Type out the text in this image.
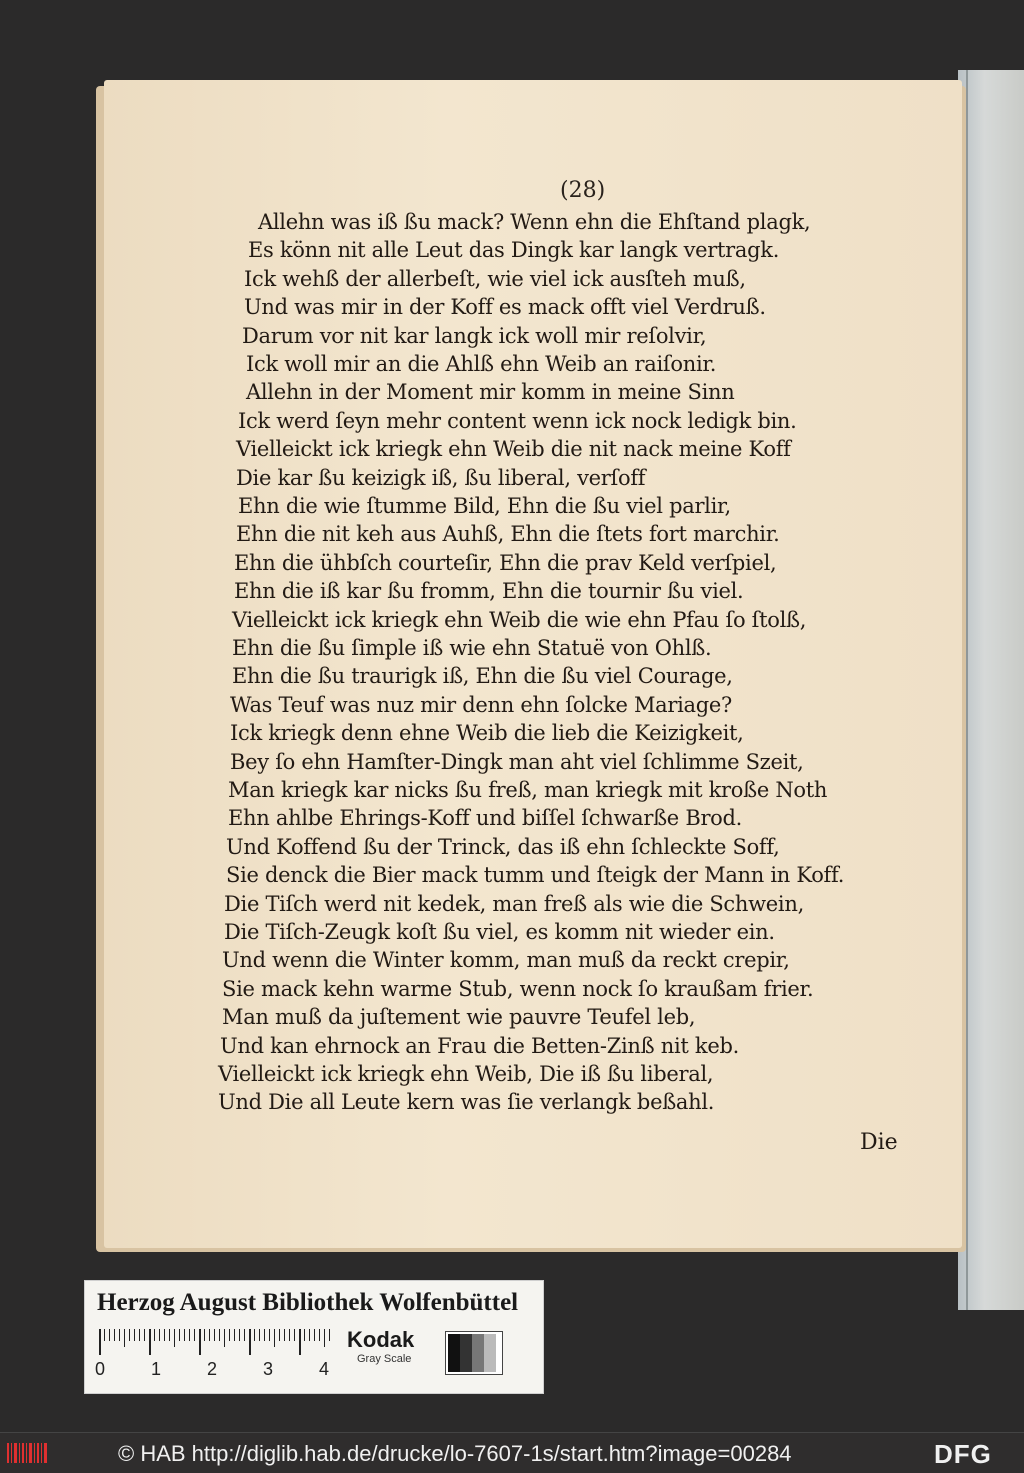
(28)
Allehn was iß ßu mack? Wenn ehn die Ehſtand plagk,
Es könn nit alle Leut das Dingk kar langk vertragk.
Ick wehß der allerbeſt, wie viel ick ausſteh muß,
Und was mir in der Koff es mack offt viel Verdruß.
Darum vor nit kar langk ick woll mir reſolvir,
Ick woll mir an die Ahlß ehn Weib an raiſonir.
Allehn in der Moment mir komm in meine Sinn
Ick werd ſeyn mehr content wenn ick nock ledigk bin.
Vielleickt ick kriegk ehn Weib die nit nack meine Koff
Die kar ßu keizigk iß, ßu liberal, verſoff
Ehn die wie ſtumme Bild, Ehn die ßu viel parlir,
Ehn die nit keh aus Auhß, Ehn die ſtets fort marchir.
Ehn die ühbſch courteſir, Ehn die prav Keld verſpiel,
Ehn die iß kar ßu fromm, Ehn die tournir ßu viel.
Vielleickt ick kriegk ehn Weib die wie ehn Pfau ſo ſtolß,
Ehn die ßu ſimple iß wie ehn Statuë von Ohlß.
Ehn die ßu traurigk iß, Ehn die ßu viel Courage,
Was Teuf was nuz mir denn ehn ſolcke Mariage?
Ick kriegk denn ehne Weib die lieb die Keizigkeit,
Bey ſo ehn Hamſter-Dingk man aht viel ſchlimme Szeit,
Man kriegk kar nicks ßu freß, man kriegk mit kroße Noth
Ehn ahlbe Ehrings-Koff und biſſel ſchwarße Brod.
Und Koffend ßu der Trinck, das iß ehn ſchleckte Soff,
Sie denck die Bier mack tumm und ſteigk der Mann in Koff.
Die Tiſch werd nit kedek, man freß als wie die Schwein,
Die Tiſch-Zeugk koſt ßu viel, es komm nit wieder ein.
Und wenn die Winter komm, man muß da reckt crepir,
Sie mack kehn warme Stub, wenn nock ſo kraußam frier.
Man muß da juſtement wie pauvre Teufel leb,
Und kan ehrnock an Frau die Betten-Zinß nit keb.
Vielleickt ick kriegk ehn Weib, Die iß ßu liberal,
Und Die all Leute kern was ſie verlangk beßahl.
Die
Herzog August Bibliothek Wolfenbüttel
Kodak
Gray Scale
0	1	2	3	4
© HAB http://diglib.hab.de/drucke/lo-7607-1s/start.htm?image=00284	DFG
